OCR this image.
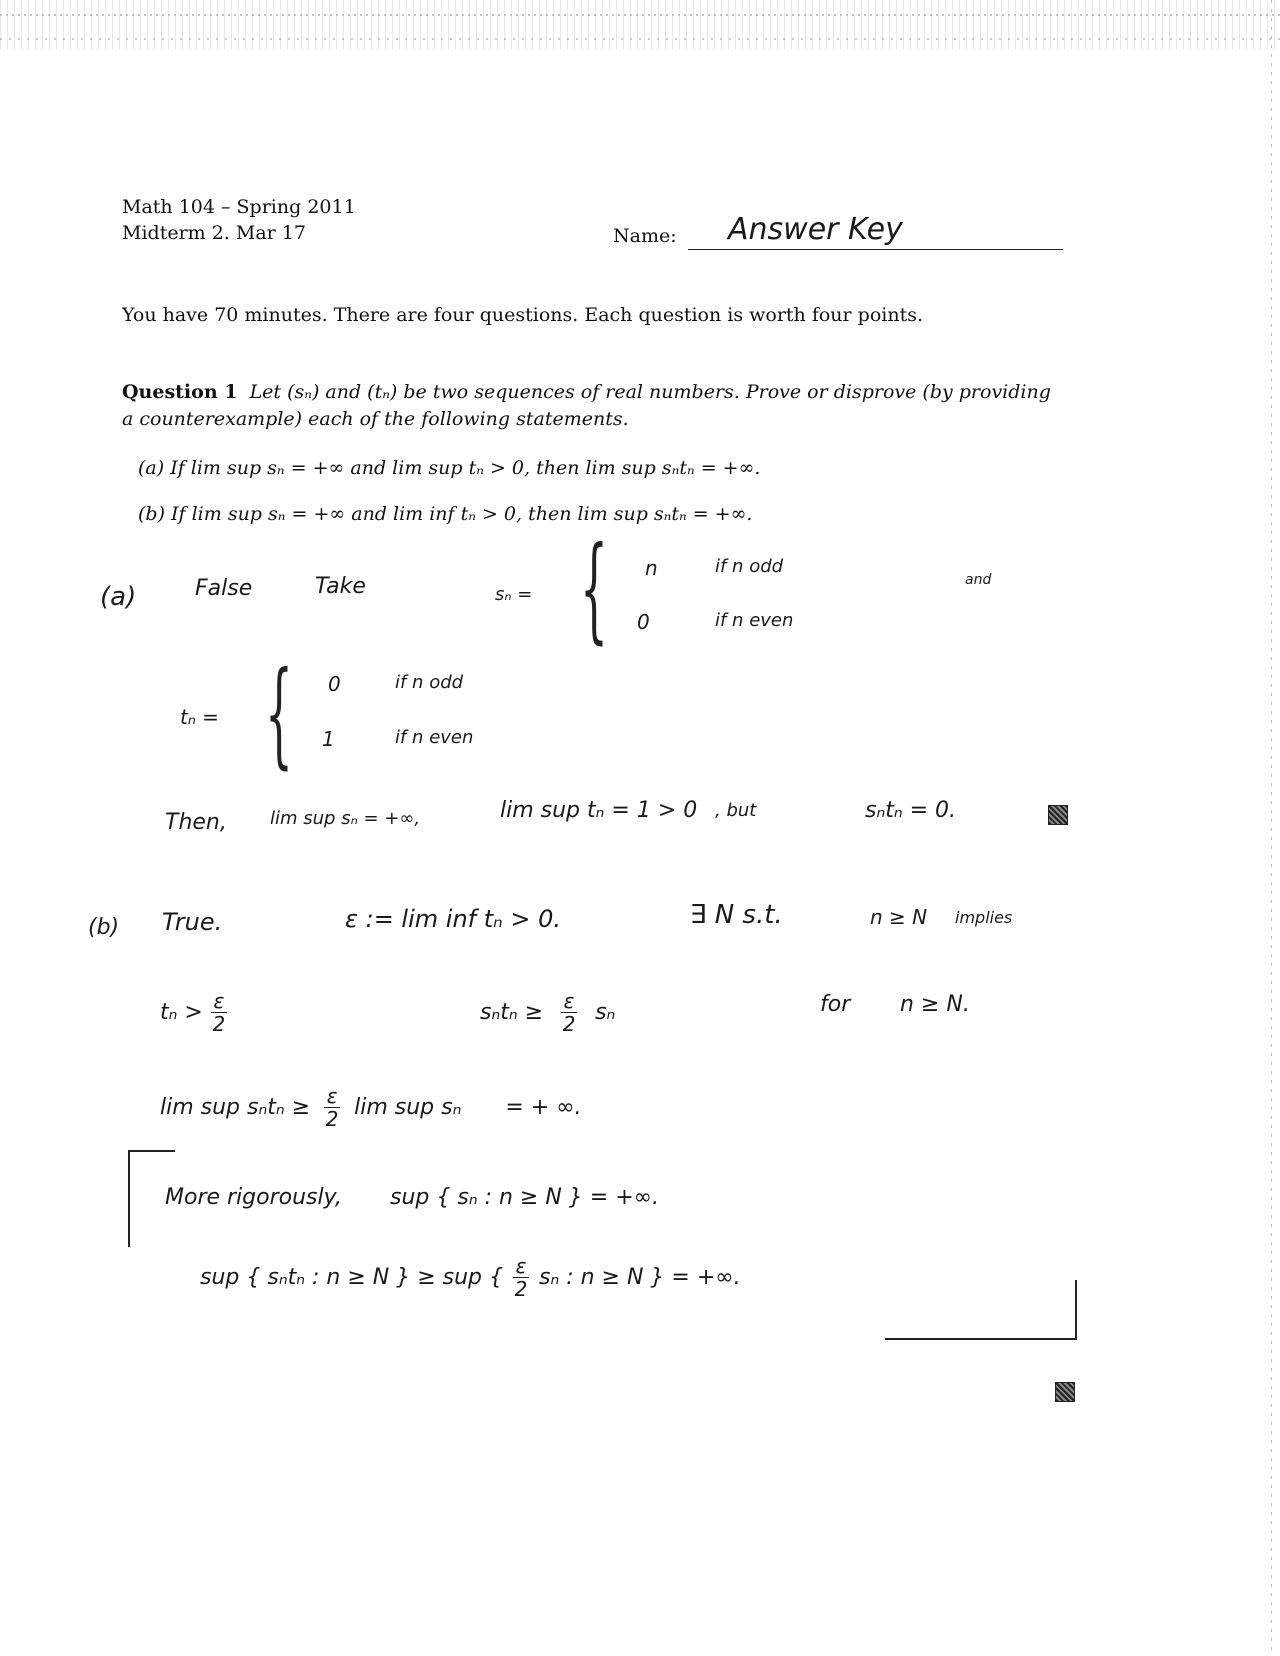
Math 104 – Spring 2011
Midterm 2. Mar 17	Name: Answer Key
You have 70 minutes. There are four questions. Each question is worth four points.
Question 1 Let (sₙ) and (tₙ) be two sequences of real numbers. Prove or disprove (by providing
a counterexample) each of the following statements.
(a) If lim sup sₙ = +∞ and lim sup tₙ > 0, then lim sup sₙtₙ = +∞.
(b) If lim sup sₙ = +∞ and lim inf tₙ > 0, then lim sup sₙtₙ = +∞.
(a)	False	Take	sₙ = { n	if n odd
0	if n even
and
tₙ = { 0	if n odd
1	if n even
Then, lim sup sₙ = +∞,	lim sup tₙ = 1 > 0 , but	sₙtₙ = 0.
(b) True.	ε := lim inf tₙ > 0.	∃ N s.t.	n ≥ N implies
$t_n > \frac{\varepsilon}{2}$	$s_nt_n \ge \frac{\varepsilon}{2}$ sₙ	for n ≥ N.
lim sup $s_nt_n \ge \frac{\varepsilon}{2}$ lim sup sₙ = + ∞.
More rigorously, sup { sₙ : n ≥ N } = +∞.
sup { sₙtₙ : n ≥ N } ≥ sup { $\frac{\varepsilon}{2}$ sₙ : n ≥ N } = +∞.
